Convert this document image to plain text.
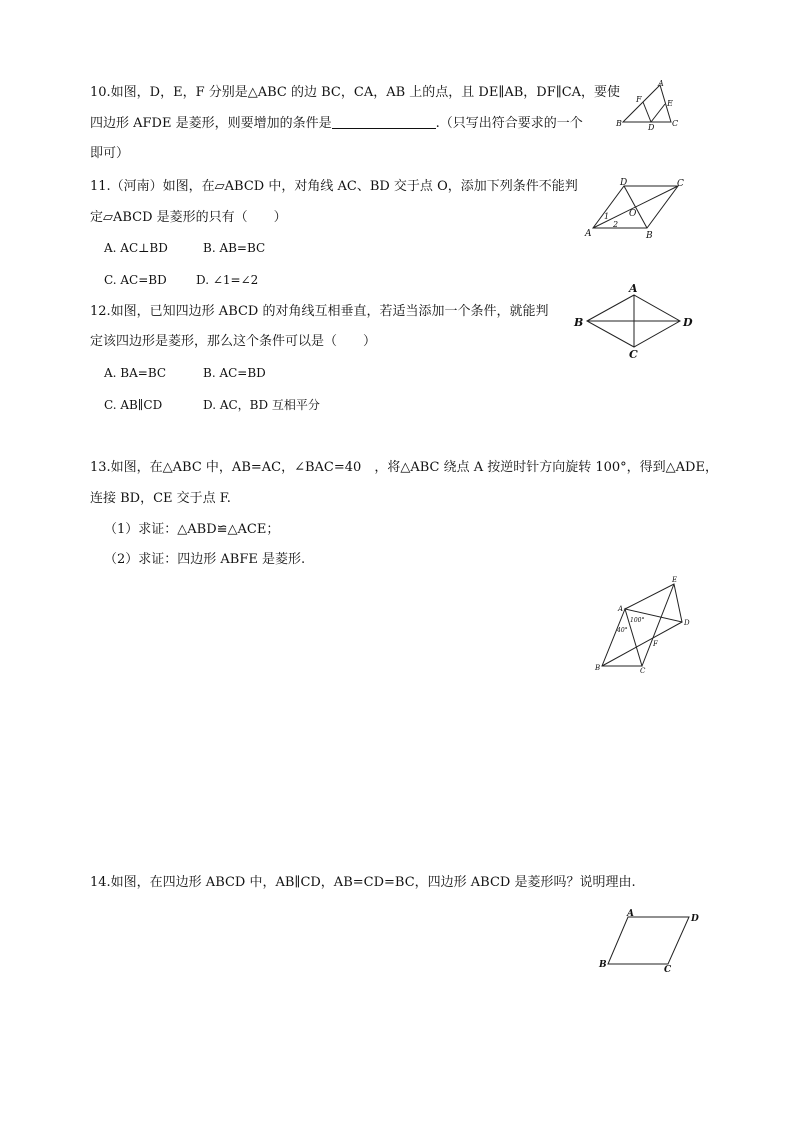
10.如图，D，E，F 分别是△ABC 的边 BC，CA，AB 上的点，且 DE∥AB，DF∥CA，要使
四边形 AFDE 是菱形，则要增加的条件是	.（只写出符合要求的一个
即可）
A
B	C
D
E
F
11.（河南）如图，在▱ABCD 中，对角线 AC、BD 交于点 O，添加下列条件不能判
定▱ABCD 是菱形的只有（　　）
A. AC⊥BD	B. AB=BC
C. AC=BD D. ∠1=∠2
A	B
C
D
O
1
2
12.如图，已知四边形 ABCD 的对角线互相垂直，若适当添加一个条件，就能判
定该四边形是菱形，那么这个条件可以是（　　）
A. BA=BC	B. AC=BD
C. AB∥CD	D. AC，BD 互相平分
A
B
C
D
13.如图，在△ABC 中，AB=AC，∠BAC=40　，将△ABC 绕点 A 按逆时针方向旋转 100°，得到△ADE，
连接 BD，CE 交于点 F.
（1）求证：△ABD≌△ACE；
（2）求证：四边形 ABFE 是菱形.
A
B	C
D
E
F
100°
40°
14.如图，在四边形 ABCD 中，AB∥CD，AB=CD=BC，四边形 ABCD 是菱形吗？说明理由.
A
B	C
D
